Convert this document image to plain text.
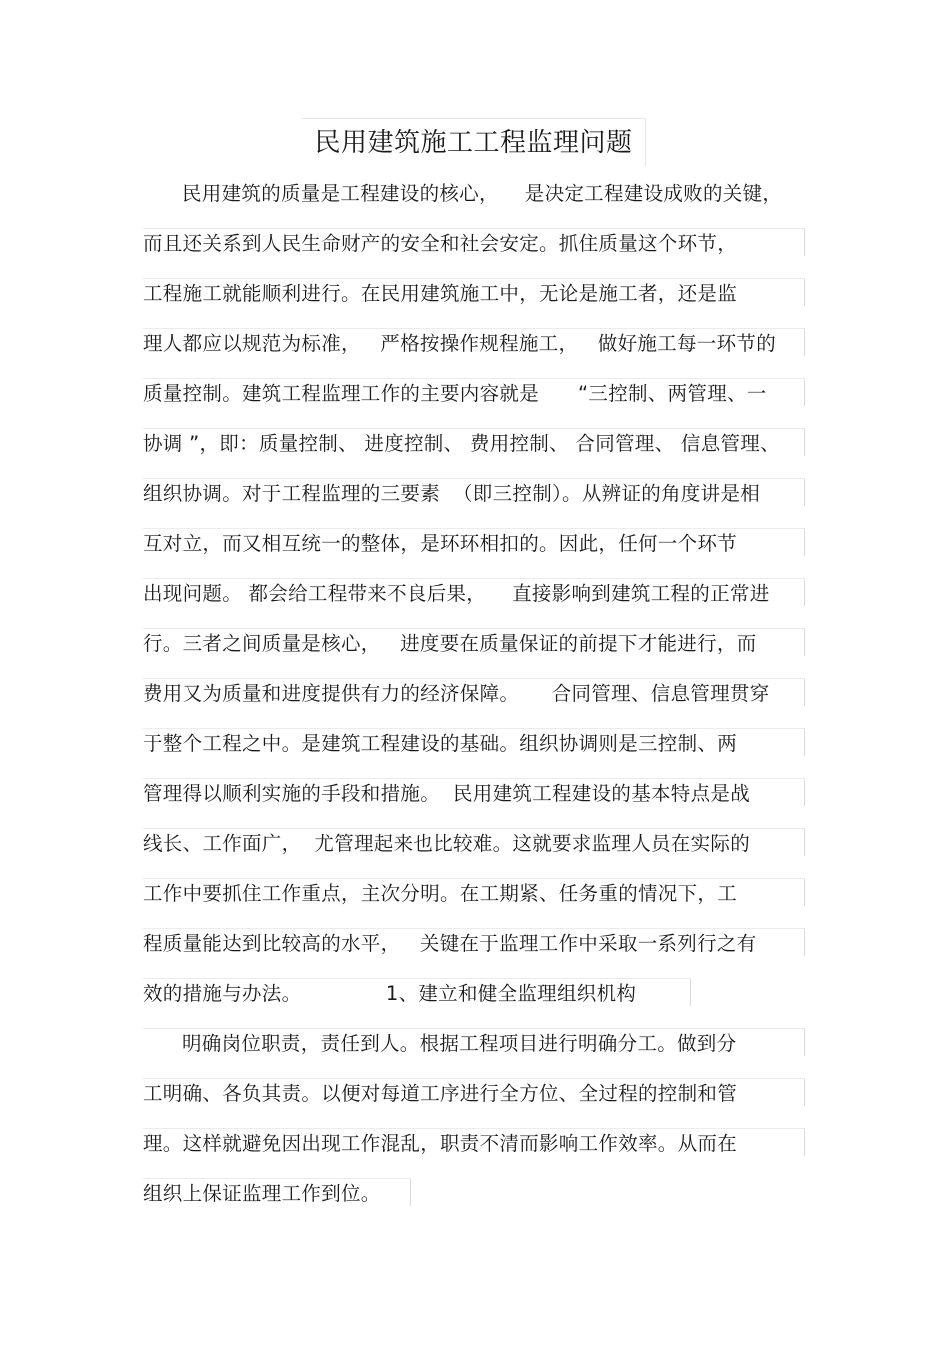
民用建筑施工工程监理问题
民用建筑的质量是工程建设的核心，    是决定工程建设成败的关键，
而且还关系到人民生命财产的安全和社会安定。抓住质量这个环节，
工程施工就能顺利进行。在民用建筑施工中，无论是施工者，还是监
理人都应以规范为标准，   严格按操作规程施工，   做好施工每一环节的
质量控制。建筑工程监理工作的主要内容就是      “三控制、两管理、一
协调 ”，即：质量控制、 进度控制、 费用控制、 合同管理、 信息管理、
组织协调。对于工程监理的三要素  （即三控制）。从辨证的角度讲是相
互对立，而又相互统一的整体，是环环相扣的。因此，任何一个环节
出现问题。 都会给工程带来不良后果，    直接影响到建筑工程的正常进
行。三者之间质量是核心，   进度要在质量保证的前提下才能进行，而
费用又为质量和进度提供有力的经济保障。     合同管理、信息管理贯穿
于整个工程之中。是建筑工程建设的基础。组织协调则是三控制、两
管理得以顺利实施的手段和措施。  民用建筑工程建设的基本特点是战
线长、工作面广，  尤管理起来也比较难。这就要求监理人员在实际的
工作中要抓住工作重点，主次分明。在工期紧、任务重的情况下，工
程质量能达到比较高的水平，   关键在于监理工作中采取一系列行之有
效的措施与办法。             1、建立和健全监理组织机构
明确岗位职责，责任到人。根据工程项目进行明确分工。做到分
工明确、各负其责。以便对每道工序进行全方位、全过程的控制和管
理。这样就避免因出现工作混乱，职责不清而影响工作效率。从而在
组织上保证监理工作到位。
